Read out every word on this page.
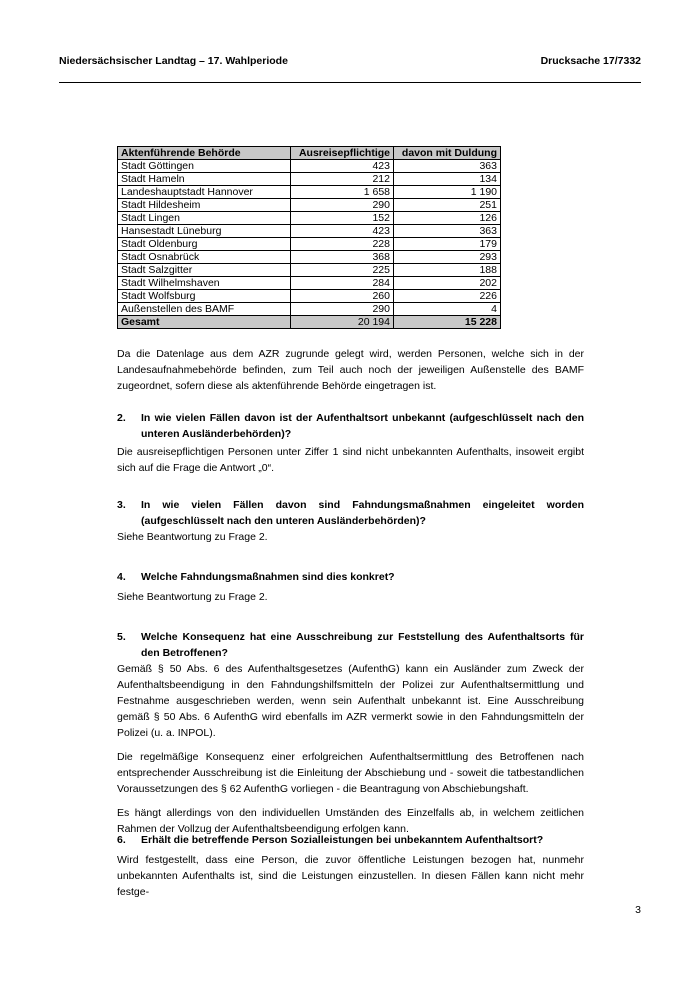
Niedersächsischer Landtag – 17. Wahlperiode	Drucksache 17/7332
Aktenführende Behörde	Ausreisepflichtige	davon mit Duldung
Stadt Göttingen	423	363
Stadt Hameln	212	134
Landeshauptstadt Hannover	1 658	1 190
Stadt Hildesheim	290	251
Stadt Lingen	152	126
Hansestadt Lüneburg	423	363
Stadt Oldenburg	228	179
Stadt Osnabrück	368	293
Stadt Salzgitter	225	188
Stadt Wilhelmshaven	284	202
Stadt Wolfsburg	260	226
Außenstellen des BAMF	290	4
Gesamt	20 194	15 228

Da die Datenlage aus dem AZR zugrunde gelegt wird, werden Personen, welche sich in der Landesaufnahmebehörde befinden, zum Teil auch noch der jeweiligen Außenstelle des BAMF zugeordnet, sofern diese als aktenführende Behörde eingetragen ist.

2. In wie vielen Fällen davon ist der Aufenthaltsort unbekannt (aufgeschlüsselt nach den unteren Ausländerbehörden)?

Die ausreisepflichtigen Personen unter Ziffer 1 sind nicht unbekannten Aufenthalts, insoweit ergibt sich auf die Frage die Antwort „0“.

3. In wie vielen Fällen davon sind Fahndungsmaßnahmen eingeleitet worden (aufgeschlüsselt nach den unteren Ausländerbehörden)?

Siehe Beantwortung zu Frage 2.

4. Welche Fahndungsmaßnahmen sind dies konkret?

Siehe Beantwortung zu Frage 2.

5. Welche Konsequenz hat eine Ausschreibung zur Feststellung des Aufenthaltsorts für den Betroffenen?

Gemäß § 50 Abs. 6 des Aufenthaltsgesetzes (AufenthG) kann ein Ausländer zum Zweck der Aufenthaltsbeendigung in den Fahndungshilfsmitteln der Polizei zur Aufenthaltsermittlung und Festnahme ausgeschrieben werden, wenn sein Aufenthalt unbekannt ist. Eine Ausschreibung gemäß § 50 Abs. 6 AufenthG wird ebenfalls im AZR vermerkt sowie in den Fahndungsmitteln der Polizei (u. a. INPOL).

Die regelmäßige Konsequenz einer erfolgreichen Aufenthaltsermittlung des Betroffenen nach entsprechender Ausschreibung ist die Einleitung der Abschiebung und - soweit die tatbestandlichen Voraussetzungen des § 62 AufenthG vorliegen - die Beantragung von Abschiebungshaft.

Es hängt allerdings von den individuellen Umständen des Einzelfalls ab, in welchem zeitlichen Rahmen der Vollzug der Aufenthaltsbeendigung erfolgen kann.

6. Erhält die betreffende Person Sozialleistungen bei unbekanntem Aufenthaltsort?

Wird festgestellt, dass eine Person, die zuvor öffentliche Leistungen bezogen hat, nunmehr unbekannten Aufenthalts ist, sind die Leistungen einzustellen. In diesen Fällen kann nicht mehr festge-

3
